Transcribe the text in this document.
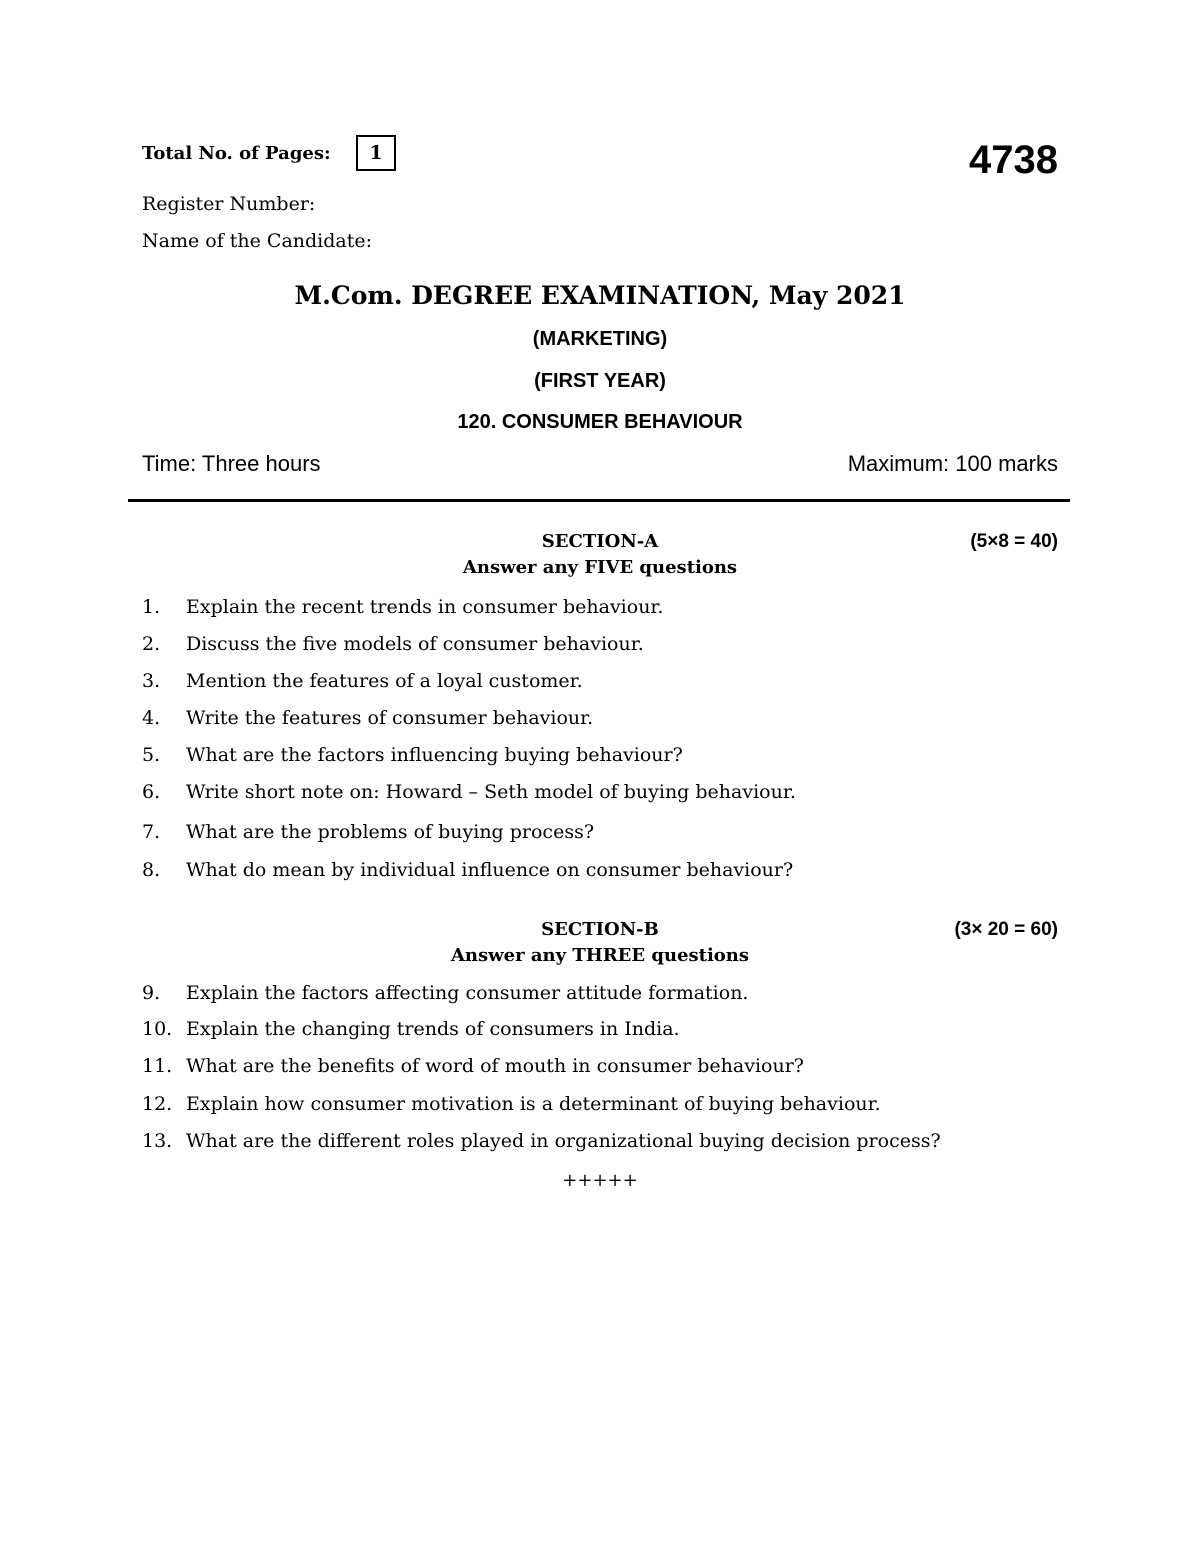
Total No. of Pages:	1	4738
Register Number:
Name of the Candidate:
M.Com. DEGREE EXAMINATION, May 2021
(MARKETING)
(FIRST YEAR)
120. CONSUMER BEHAVIOUR
Time: Three hours	Maximum: 100 marks
SECTION-A	(5×8 = 40)
Answer any FIVE questions
1. Explain the recent trends in consumer behaviour.
2. Discuss the five models of consumer behaviour.
3. Mention the features of a loyal customer.
4. Write the features of consumer behaviour.
5. What are the factors influencing buying behaviour?
6. Write short note on: Howard – Seth model of buying behaviour.
7. What are the problems of buying process?
8. What do mean by individual influence on consumer behaviour?
SECTION-B	(3× 20 = 60)
Answer any THREE questions
9. Explain the factors affecting consumer attitude formation.
10. Explain the changing trends of consumers in India.
11. What are the benefits of word of mouth in consumer behaviour?
12. Explain how consumer motivation is a determinant of buying behaviour.
13. What are the different roles played in organizational buying decision process?
+++++
